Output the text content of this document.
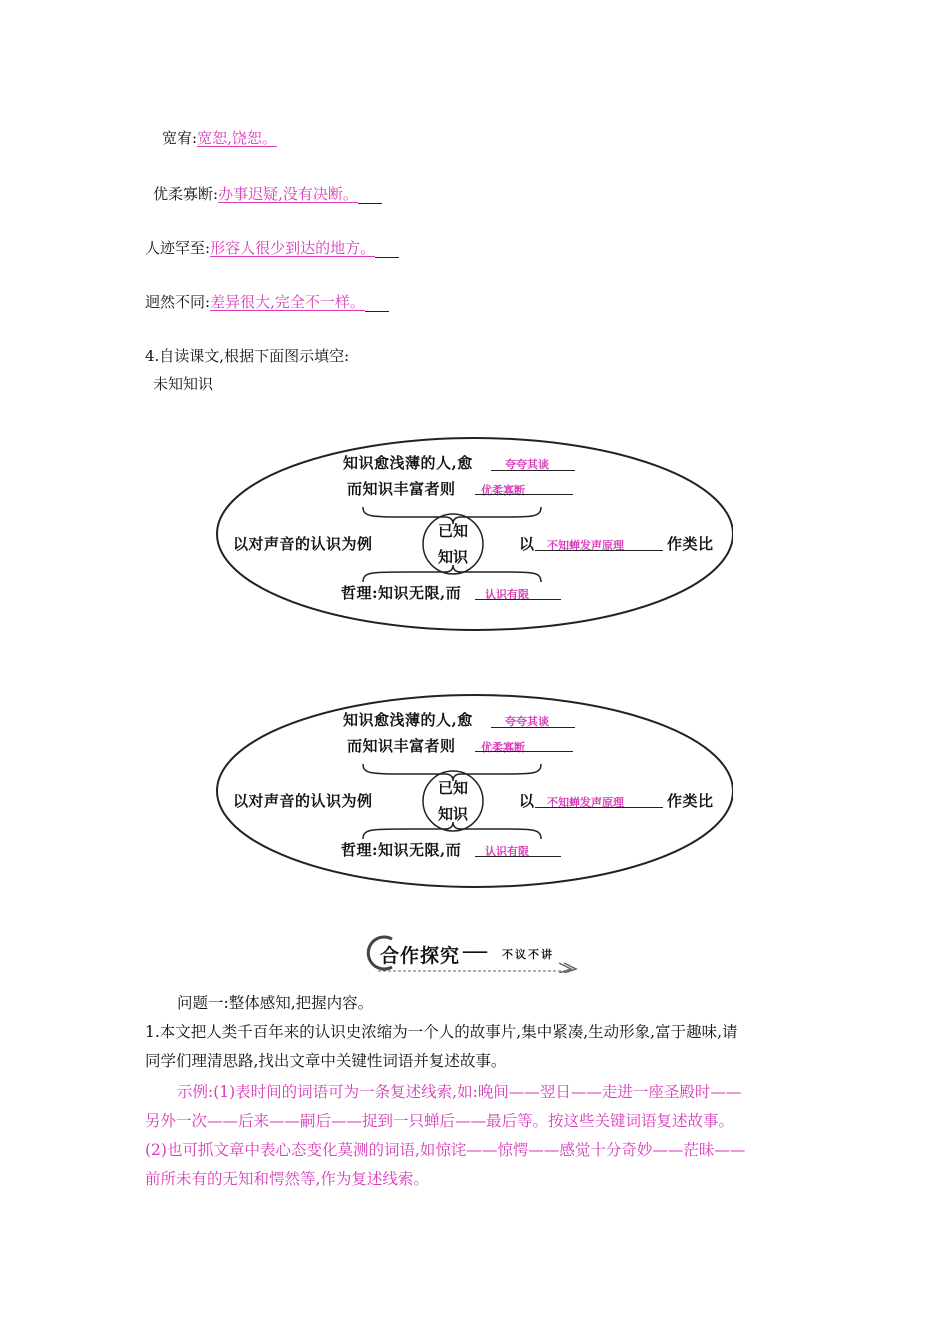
宽宥:宽恕,饶恕。
优柔寡断:办事迟疑,没有决断。
人迹罕至:形容人很少到达的地方。
迥然不同:差异很大,完全不一样。
4.自读课文,根据下面图示填空:
未知知识
知识愈浅薄的人,愈	夸夸其谈
而知识丰富者则 优柔寡断
以对声音的认识为例
已知
知识
以 不知蝉发声原理	作类比
哲理:知识无限,而 认识有限
知识愈浅薄的人,愈	夸夸其谈
而知识丰富者则 优柔寡断
以对声音的认识为例
已知
知识
以 不知蝉发声原理	作类比
哲理:知识无限,而 认识有限
合作探究 —— 不议不讲
问题一:整体感知,把握内容。
1.本文把人类千百年来的认识史浓缩为一个人的故事片,集中紧凑,生动形象,富于趣味,请
同学们理清思路,找出文章中关键性词语并复述故事。
示例:(1)表时间的词语可为一条复述线索,如:晚间——翌日——走进一座圣殿时——
另外一次——后来——嗣后——捉到一只蝉后——最后等。按这些关键词语复述故事。
(2)也可抓文章中表心态变化莫测的词语,如惊诧——惊愕——感觉十分奇妙——茫昧——
前所未有的无知和愕然等,作为复述线索。
